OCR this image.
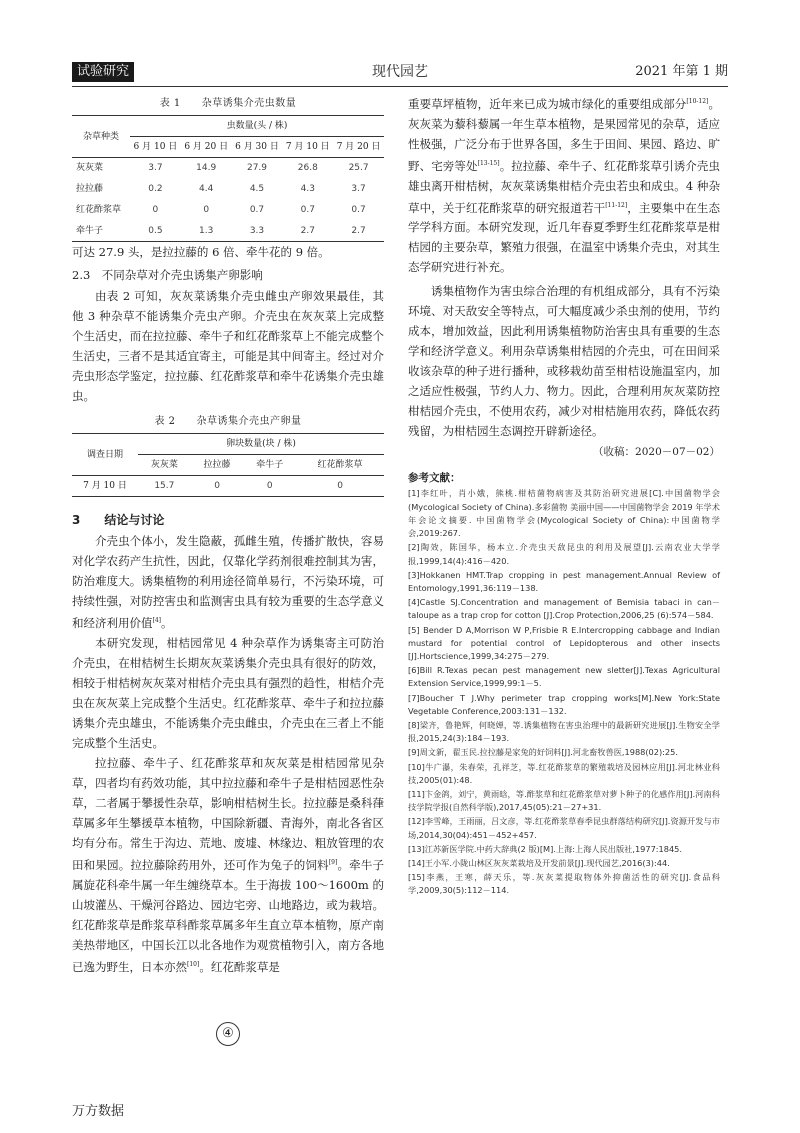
现代园艺
试验研究	2021 年第 1 期
表 1　　杂草诱集介壳虫数量
杂草种类	虫数量(头 / 株)				
	6 月 10 日	6 月 20 日	6 月 30 日	7 月 10 日	7 月 20 日
灰灰菜	3.7	14.9	27.9	26.8	25.7
拉拉藤	0.2	4.4	4.5	4.3	3.7
红花酢浆草	0	0	0.7	0.7	0.7
牵牛子	0.5	1.3	3.3	2.7	2.7

可达 27.9 头，是拉拉藤的 6 倍、牵牛花的 9 倍。

2.3　不同杂草对介壳虫诱集产卵影响

由表 2 可知，灰灰菜诱集介壳虫雌虫产卵效果最佳，其他 3 种杂草不能诱集介壳虫产卵。介壳虫在灰灰菜上完成整个生活史，而在拉拉藤、牵牛子和红花酢浆草上不能完成整个生活史，三者不是其适宜寄主，可能是其中间寄主。经过对介壳虫形态学鉴定，拉拉藤、红花酢浆草和牵牛花诱集介壳虫雄虫。

表 2　　杂草诱集介壳虫产卵量
调查日期	卵块数量(块 / 株)			
	灰灰菜	拉拉藤	牵牛子	红花酢浆草
7 月 10 日	15.7	0	0	0
3　　结论与讨论

介壳虫个体小，发生隐蔽，孤雌生殖，传播扩散快，容易对化学农药产生抗性，因此，仅靠化学药剂很难控制其为害，防治难度大。诱集植物的利用途径简单易行，不污染环境，可持续性强，对防控害虫和监测害虫具有较为重要的生态学意义和经济利用价值[4]。

本研究发现，柑桔园常见 4 种杂草作为诱集寄主可防治介壳虫，在柑桔树生长期灰灰菜诱集介壳虫具有很好的防效，相较于柑桔树灰灰菜对柑桔介壳虫具有强烈的趋性，柑桔介壳虫在灰灰菜上完成整个生活史。红花酢浆草、牵牛子和拉拉藤诱集介壳虫雄虫，不能诱集介壳虫雌虫，介壳虫在三者上不能完成整个生活史。

拉拉藤、牵牛子、红花酢浆草和灰灰菜是柑桔园常见杂草，四者均有药效功能，其中拉拉藤和牵牛子是柑桔园恶性杂草，二者属于攀援性杂草，影响柑桔树生长。拉拉藤是桑科葎草属多年生攀援草本植物，中国除新疆、青海外，南北各省区均有分布。常生于沟边、荒地、废墟、林缘边、粗放管理的农田和果园。拉拉藤除药用外，还可作为兔子的饲料[9]。牵牛子属旋花科牵牛属一年生缠绕草本。生于海拔 100～1600m 的山坡灌丛、干燥河谷路边、园边宅旁、山地路边，或为栽培。红花酢浆草是酢浆草科酢浆草属多年生直立草本植物，原产南美热带地区，中国长江以北各地作为观赏植物引入，南方各地已逸为野生，日本亦然[10]。红花酢浆草是

重要草坪植物，近年来已成为城市绿化的重要组成部分[10-12]。灰灰菜为藜科藜属一年生草本植物，是果园常见的杂草，适应性极强，广泛分布于世界各国，多生于田间、果园、路边、旷野、宅旁等处[13-15]。拉拉藤、牵牛子、红花酢浆草引诱介壳虫雄虫离开柑桔树，灰灰菜诱集柑桔介壳虫若虫和成虫。4 种杂草中，关于红花酢浆草的研究报道若干[11-12]，主要集中在生态学学科方面。本研究发现，近几年春夏季野生红花酢浆草是柑桔园的主要杂草，繁殖力很强，在温室中诱集介壳虫，对其生态学研究进行补充。

诱集植物作为害虫综合治理的有机组成部分，具有不污染环境、对天敌安全等特点，可大幅度减少杀虫剂的使用，节约成本，增加效益，因此利用诱集植物防治害虫具有重要的生态学和经济学意义。利用杂草诱集柑桔园的介壳虫，可在田间采收该杂草的种子进行播种，或移栽幼苗至柑桔设施温室内，加之适应性极强，节约人力、物力。因此，合理利用灰灰菜防控柑桔园介壳虫，不使用农药，减少对柑桔施用农药，降低农药残留，为柑桔园生态调控开辟新途径。

（收稿：2020－07－02）
参考文献：
[1]李红叶，肖小娥，熊桃.柑桔菌物病害及其防治研究进展[C].中国菌物学会(Mycological Society of China).多彩菌物 美丽中国——中国菌物学会 2019 年学术年会论文摘要. 中国菌物学会(Mycological Society of China):中国菌物学会,2019:267.
[2]陶效，陈国华，杨本立.介壳虫天敌昆虫的利用及展望[J].云南农业大学学报,1999,14(4):416－420.
[3]Hokkanen HMT.Trap cropping in pest management.Annual Review of Entomology,1991,36:119－138.
[4]Castle SJ.Concentration and management of Bemisia tabaci in can－taloupe as a trap crop for cotton [J].Crop Protection,2006,25 (6):574－584.
[5] Bender D A,Morrison W P,Frisbie R E.Intercropping cabbage and Indian mustard for potential control of Lepidopterous and other insects [J].Hortscience,1999,34:275－279.
[6]Bill R.Texas pecan pest management new sletter[J].Texas Agricultural Extension Service,1999,99:1－5.
[7]Boucher T J.Why perimeter trap cropping works[M].New York:State Vegetable Conference,2003:131－132.
[8]梁齐，鲁艳辉，何晓婵，等.诱集植物在害虫治理中的最新研究进展[J].生物安全学报,2015,24(3):184－193.
[9]周文新，翟玉民.拉拉藤是家兔的好饲料[J].河北畜牧兽医,1988(02):25.
[10]牛广瀑，朱春荣，孔祥芝，等.红花酢浆草的繁殖栽培及园林应用[J].河北林业科技,2005(01):48.
[11]卞金鸽，刘宁，黄雨晗，等.酢浆草和红花酢浆草对萝卜种子的化感作用[J].河南科技学院学报(自然科学版),2017,45(05):21－27+31.
[12]李雪峰，王雨丽，吕文彦，等.红花酢浆草春季昆虫群落结构研究[J].资源开发与市场,2014,30(04):451－452+457.
[13]江苏新医学院.中药大辞典(2 版)[M].上海:上海人民出版社,1977:1845.
[14]王小军.小陇山林区灰灰菜栽培及开发前景[J].现代园艺,2016(3):44.
[15]李燕，王寒，薛天乐，等.灰灰菜提取物体外抑菌活性的研究[J].食品科学,2009,30(5):112－114.
④
万方数据
